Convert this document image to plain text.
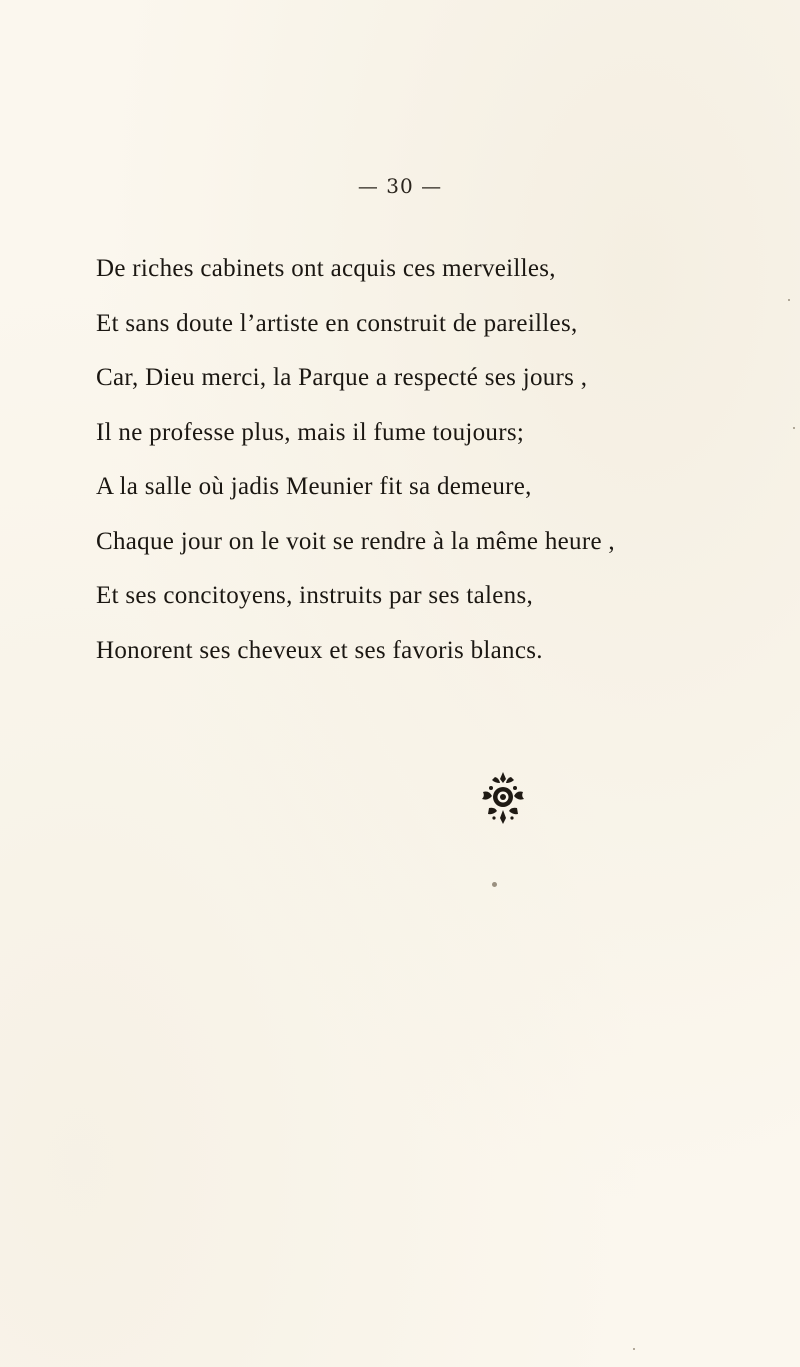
— 30 —
De riches cabinets ont acquis ces merveilles,
Et sans doute l’artiste en construit de pareilles,
Car, Dieu merci, la Parque a respecté ses jours ,
Il ne professe plus, mais il fume toujours;
A la salle où jadis Meunier fit sa demeure,
Chaque jour on le voit se rendre à la même heure ,
Et ses concitoyens, instruits par ses talens,
Honorent ses cheveux et ses favoris blancs.
